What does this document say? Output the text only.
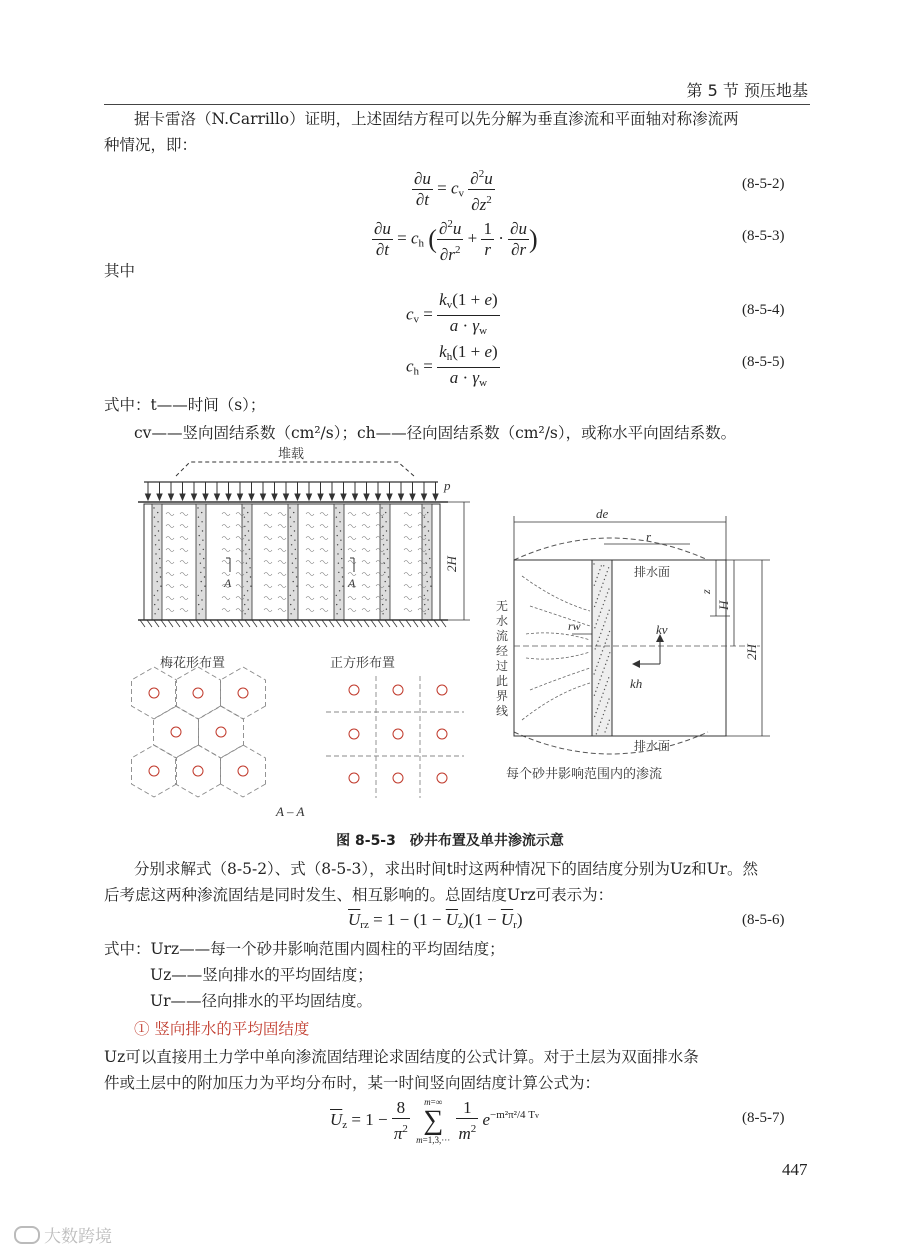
第 5 节 预压地基
据卡雷洛（N.Carrillo）证明，上述固结方程可以先分解为垂直渗流和平面轴对称渗流两
种情况，即：
$\frac{\partial u}{\partial t} = c_v \frac{\partial^2u}{\partial z^2}$	(8-5-2)
$\frac{\partial u}{\partial t} = c_h$ ( $\frac{\partial^2u}{\partial r^2} + \frac{1}{r} \cdot \frac{\partial u}{\partial r}$ )	(8-5-3)
其中
$c_v = \frac{k_v(1 + e)}{a \cdot \gamma_w}$	(8-5-4)
$c_h = \frac{k_h(1 + e)}{a \cdot \gamma_w}$	(8-5-5)
式中：t——时间（s）；
cv——竖向固结系数（cm²/s）；ch——径向固结系数（cm²/s），或称水平向固结系数。
堆载
p
2H
A	A
梅花形布置	正方形布置
A – A
de
r
rw
排水面
排水面
kv
kh
z
H
2H
无水流经过此界线
每个砂井影响范围内的渗流
图 8-5-3　砂井布置及单井渗流示意
分别求解式（8-5-2）、式（8-5-3），求出时间t时这两种情况下的固结度分别为Uz和Ur。然
后考虑这两种渗流固结是同时发生、相互影响的。总固结度Urz可表示为：
$\overline{U}_{rz} = 1 - (1 - \overline{U}_z)(1 - \overline{U}_r)$	(8-5-6)
式中：Urz——每一个砂井影响范围内圆柱的平均固结度；
Uz——竖向排水的平均固结度；
Ur——径向排水的平均固结度。
① 竖向排水的平均固结度
Uz可以直接用土力学中单向渗流固结理论求固结度的公式计算。对于土层为双面排水条
件或土层中的附加压力为平均分布时，某一时间竖向固结度计算公式为：
$\overline{U}_z = 1 - \frac{8}{\pi^2}$
	m=∞
∑
m=1,3,···
$\frac{1}{m^2} e^{-m^2\pi^2/4 Tv}$	(8-5-7)
447
大数跨境
